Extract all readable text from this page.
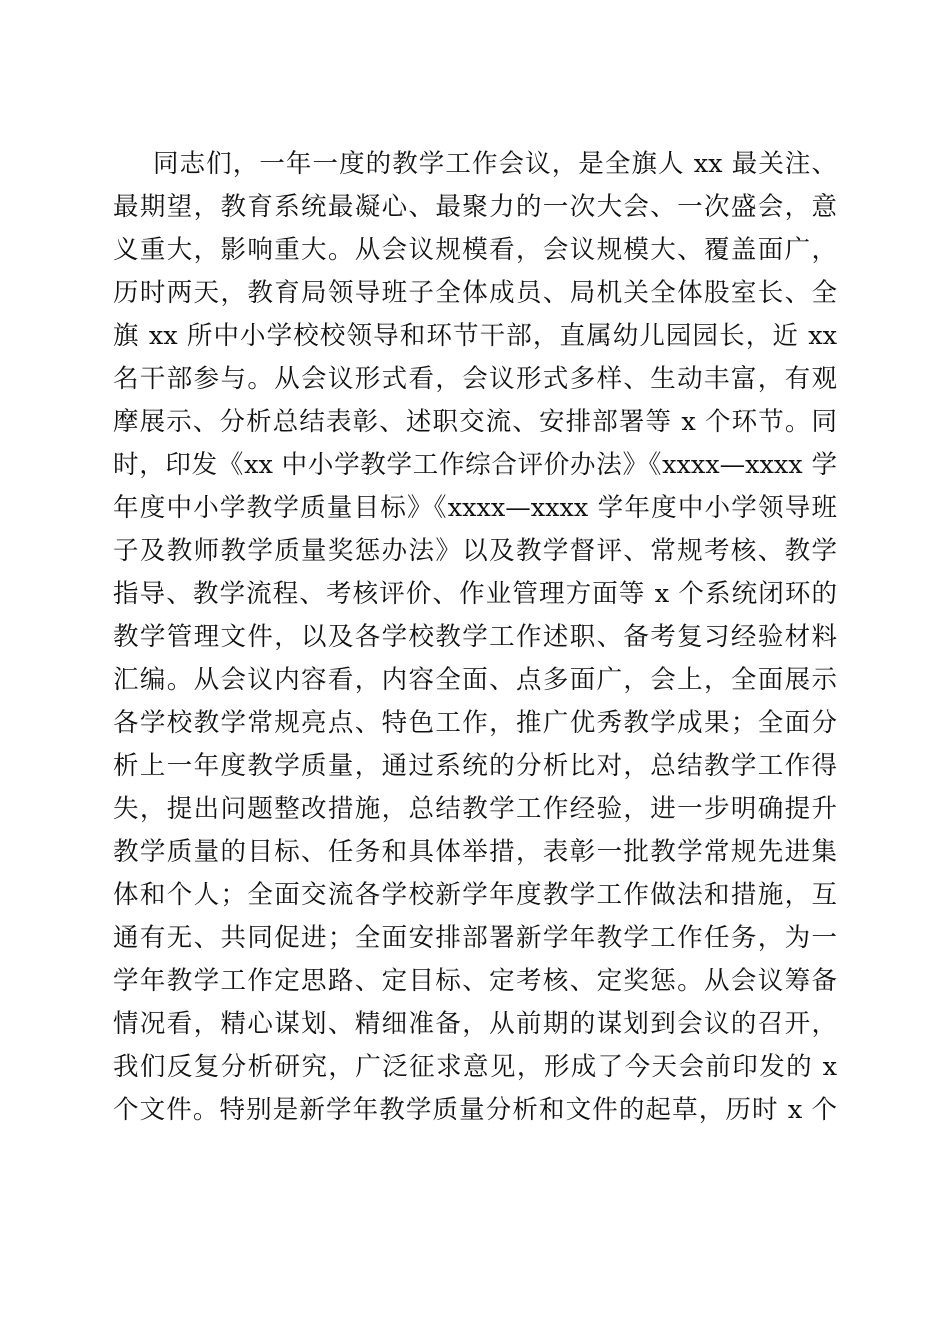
同志们，一年一度的教学工作会议，是全旗人 xx 最关注、
最期望，教育系统最凝心、最聚力的一次大会、一次盛会，意
义重大，影响重大。从会议规模看，会议规模大、覆盖面广，
历时两天，教育局领导班子全体成员、局机关全体股室长、全
旗 xx 所中小学校校领导和环节干部，直属幼儿园园长，近 xx
名干部参与。从会议形式看，会议形式多样、生动丰富，有观
摩展示、分析总结表彰、述职交流、安排部署等 x 个环节。同
时，印发《xx 中小学教学工作综合评价办法》《xxxx—xxxx 学
年度中小学教学质量目标》《xxxx—xxxx 学年度中小学领导班
子及教师教学质量奖惩办法》以及教学督评、常规考核、教学
指导、教学流程、考核评价、作业管理方面等 x 个系统闭环的
教学管理文件，以及各学校教学工作述职、备考复习经验材料
汇编。从会议内容看，内容全面、点多面广，会上，全面展示
各学校教学常规亮点、特色工作，推广优秀教学成果；全面分
析上一年度教学质量，通过系统的分析比对，总结教学工作得
失，提出问题整改措施，总结教学工作经验，进一步明确提升
教学质量的目标、任务和具体举措，表彰一批教学常规先进集
体和个人；全面交流各学校新学年度教学工作做法和措施，互
通有无、共同促进；全面安排部署新学年教学工作任务，为一
学年教学工作定思路、定目标、定考核、定奖惩。从会议筹备
情况看，精心谋划、精细准备，从前期的谋划到会议的召开，
我们反复分析研究，广泛征求意见，形成了今天会前印发的 x
个文件。特别是新学年教学质量分析和文件的起草，历时 x 个
